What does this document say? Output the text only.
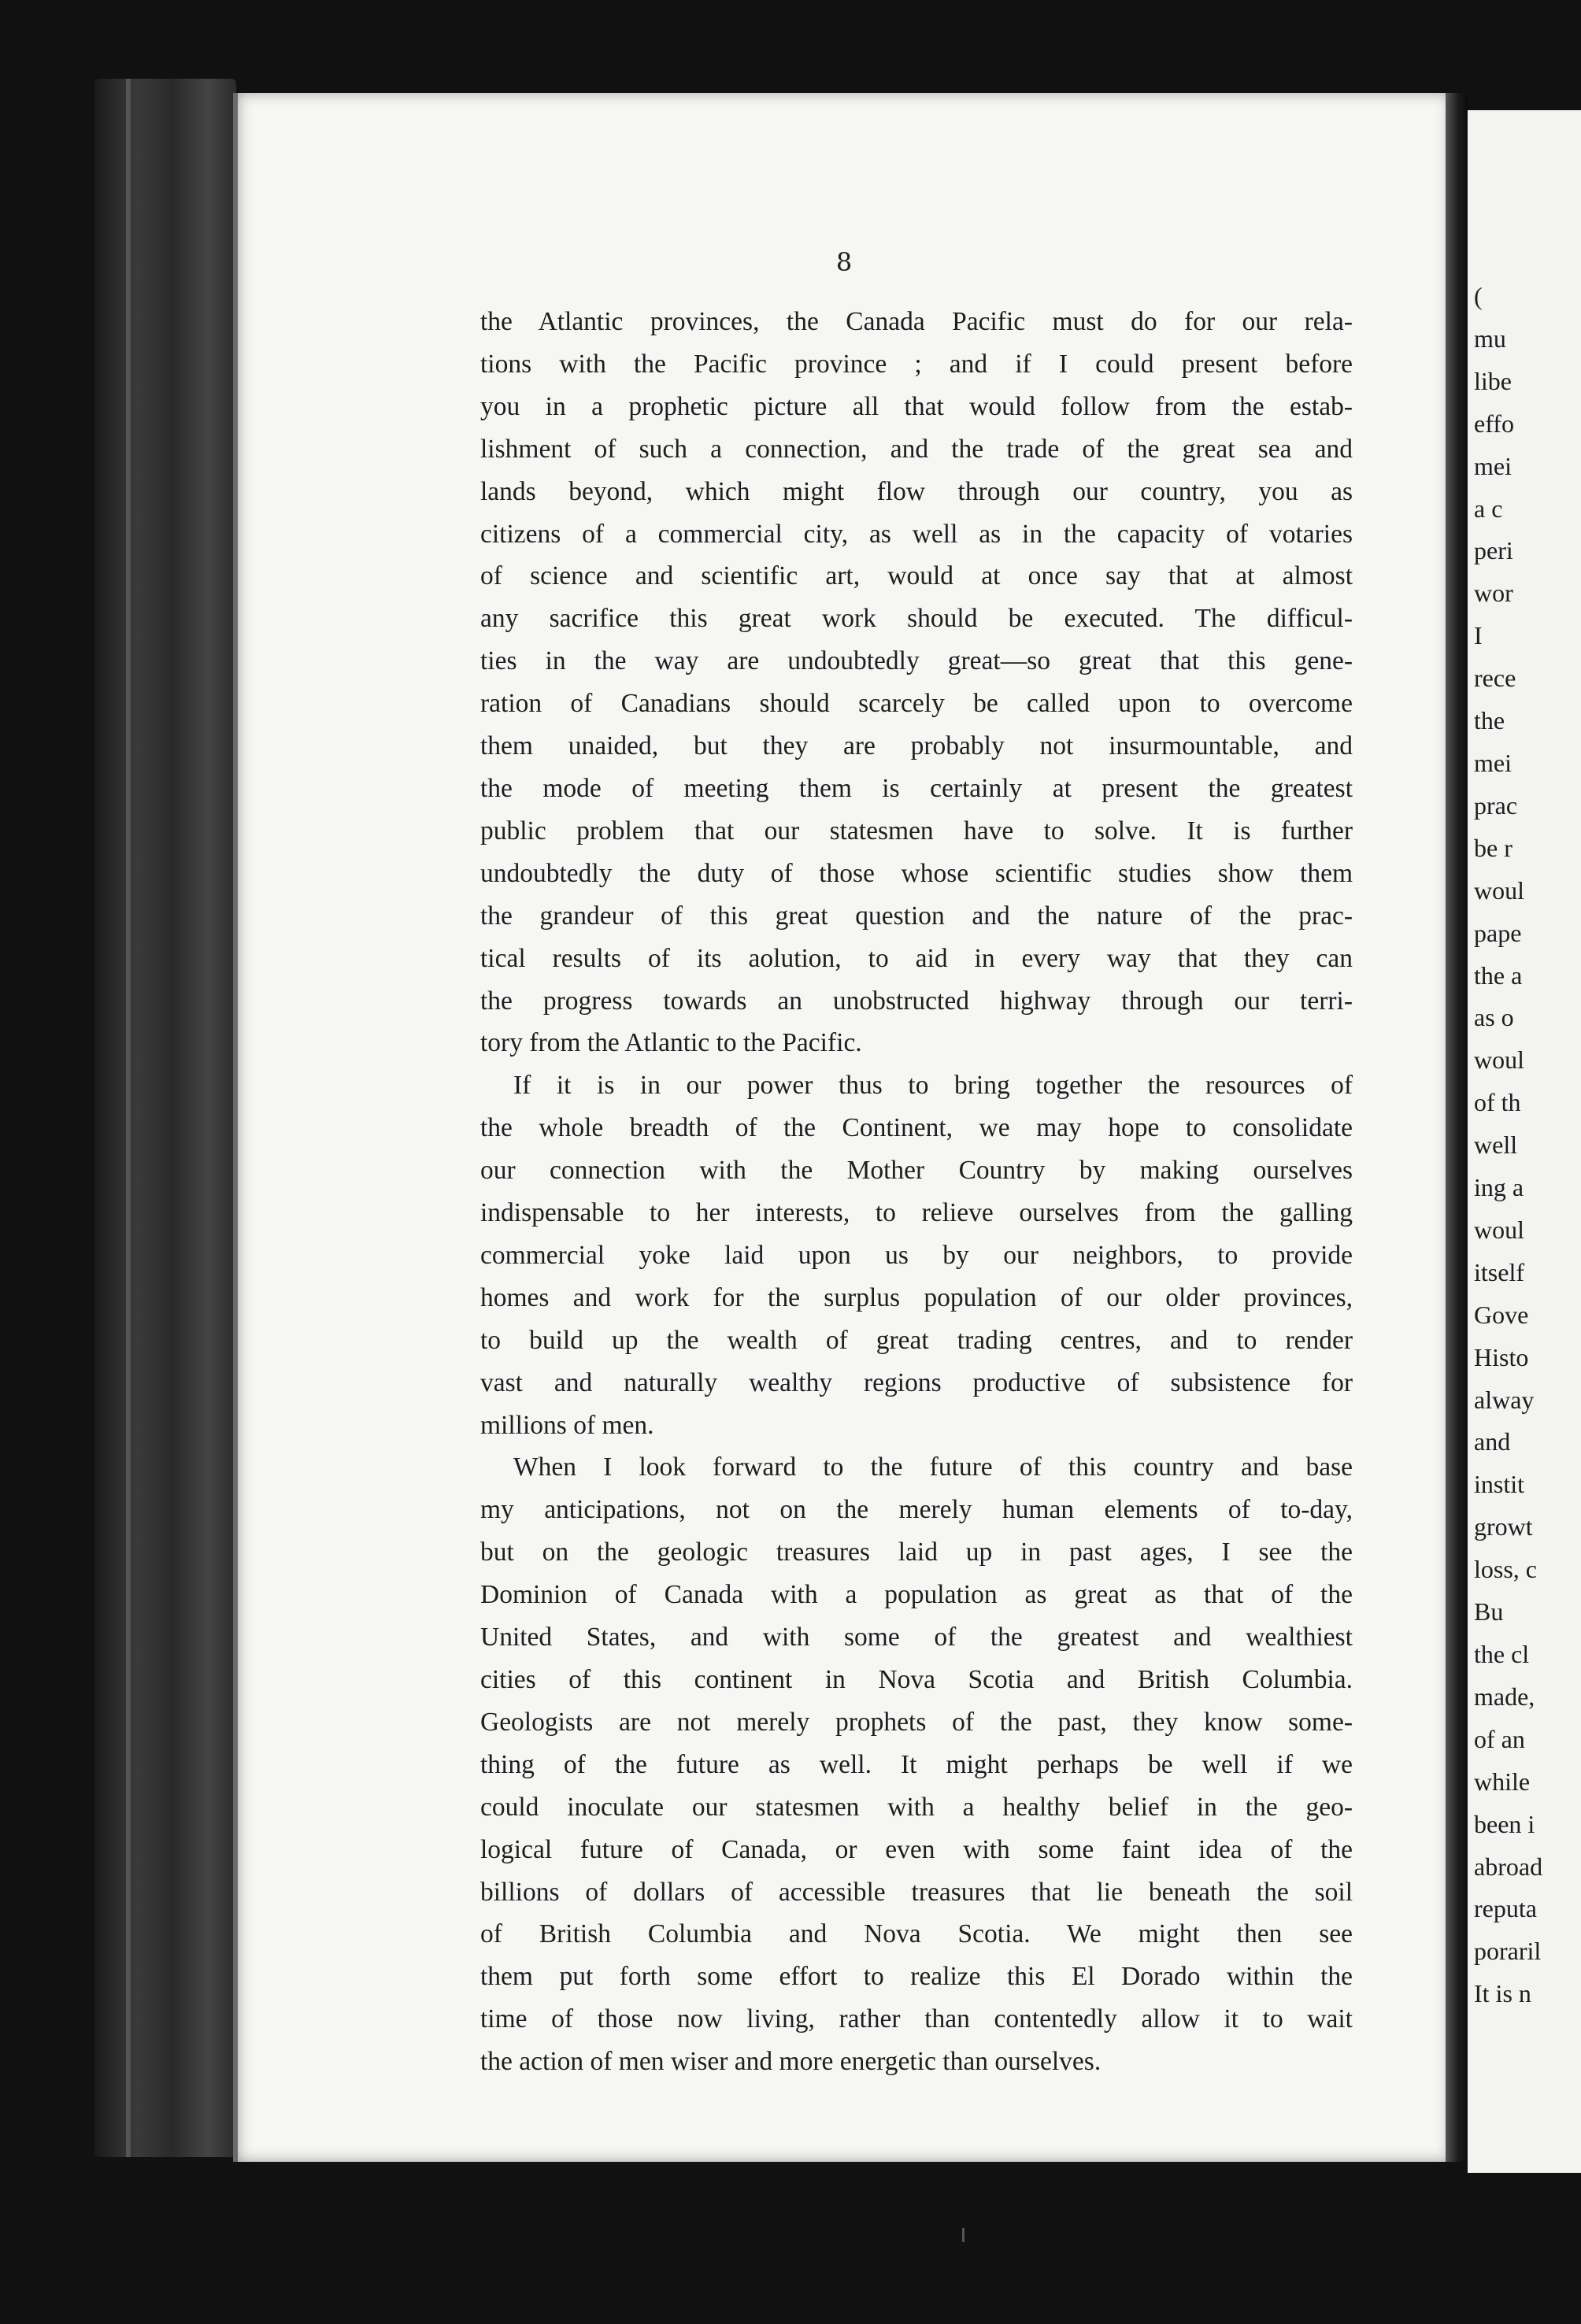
8
the Atlantic provinces, the Canada Pacific must do for our rela-
tions with the Pacific province ; and if I could present before
you in a prophetic picture all that would follow from the estab-
lishment of such a connection, and the trade of the great sea and
lands beyond, which might flow through our country, you as
citizens of a commercial city, as well as in the capacity of votaries
of science and scientific art, would at once say that at almost
any sacrifice this great work should be executed. The difficul-
ties in the way are undoubtedly great—so great that this gene-
ration of Canadians should scarcely be called upon to overcome
them unaided, but they are probably not insurmountable, and
the mode of meeting them is certainly at present the greatest
public problem that our statesmen have to solve. It is further
undoubtedly the duty of those whose scientific studies show them
the grandeur of this great question and the nature of the prac-
tical results of its aolution, to aid in every way that they can
the progress towards an unobstructed highway through our terri-
tory from the Atlantic to the Pacific.
If it is in our power thus to bring together the resources of
the whole breadth of the Continent, we may hope to consolidate
our connection with the Mother Country by making ourselves
indispensable to her interests, to relieve ourselves from the galling
commercial yoke laid upon us by our neighbors, to provide
homes and work for the surplus population of our older provinces,
to build up the wealth of great trading centres, and to render
vast and naturally wealthy regions productive of subsistence for
millions of men.
When I look forward to the future of this country and base
my anticipations, not on the merely human elements of to-day,
but on the geologic treasures laid up in past ages, I see the
Dominion of Canada with a population as great as that of the
United States, and with some of the greatest and wealthiest
cities of this continent in Nova Scotia and British Columbia.
Geologists are not merely prophets of the past, they know some-
thing of the future as well. It might perhaps be well if we
could inoculate our statesmen with a healthy belief in the geo-
logical future of Canada, or even with some faint idea of the
billions of dollars of accessible treasures that lie beneath the soil
of British Columbia and Nova Scotia. We might then see
them put forth some effort to realize this El Dorado within the
time of those now living, rather than contentedly allow it to wait
the action of men wiser and more energetic than ourselves.
(
mu
libe
effo
mei
a c
peri
wor
I
rece
the
mei
prac
be r
woul
pape
the a
as o
woul
of th
well
ing a
woul
itself
Gove
Histo
alway
and
instit
growt
loss, c
Bu
the cl
made,
of an
while
been i
abroad
reputa
poraril
It is n
